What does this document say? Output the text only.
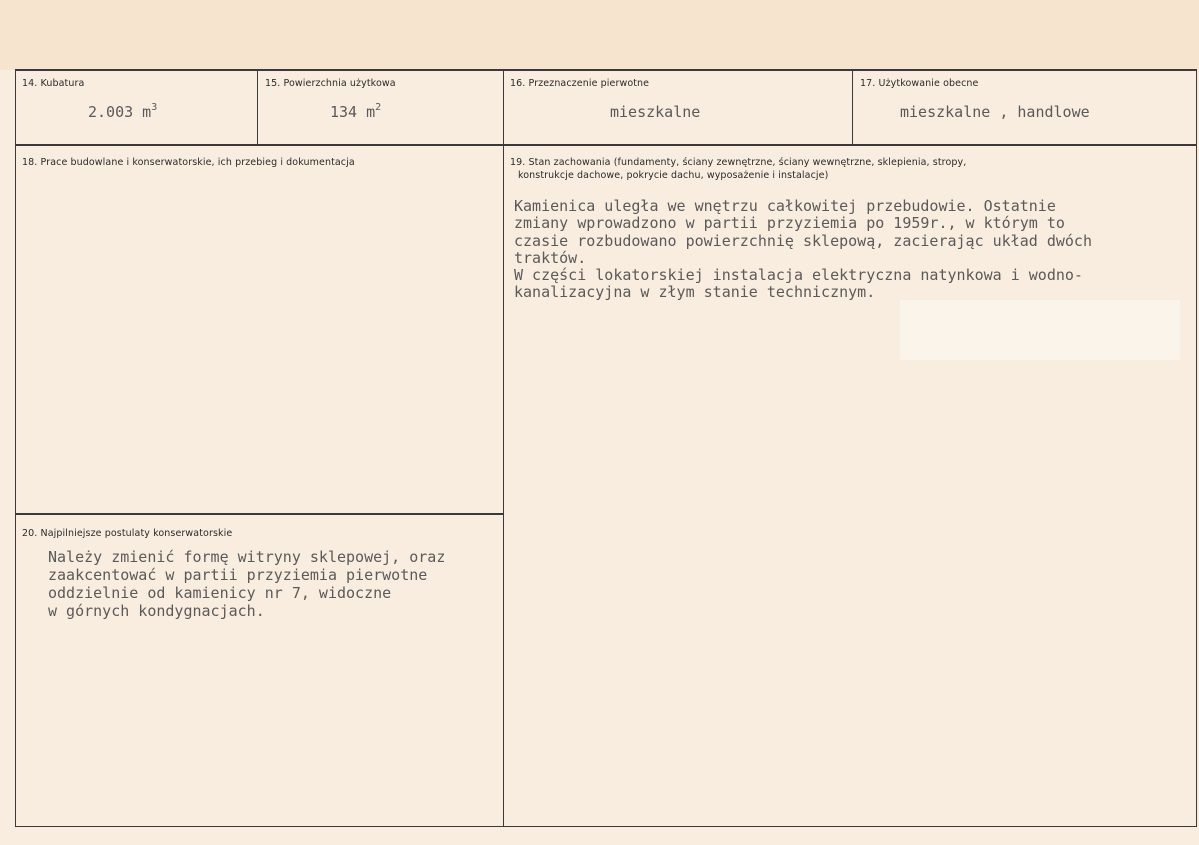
14. Kubatura
2.003 $m^3$
15. Powierzchnia użytkowa
134 $m^2$
16. Przeznaczenie pierwotne
mieszkalne
17. Użytkowanie obecne
mieszkalne , handlowe
18. Prace budowlane i konserwatorskie, ich przebieg i dokumentacja	19. Stan zachowania (fundamenty, ściany zewnętrzne, ściany wewnętrzne, sklepienia, stropy,
konstrukcje dachowe, pokrycie dachu, wyposażenie i instalacje)
Kamienica uległa we wnętrzu całkowitej przebudowie. Ostatnie
zmiany wprowadzono w partii przyziemia po 1959r., w którym to
czasie rozbudowano powierzchnię sklepową, zacierając układ dwóch
traktów.
W części lokatorskiej instalacja elektryczna natynkowa i wodno-
kanalizacyjna w złym stanie technicznym.
20. Najpilniejsze postulaty konserwatorskie
Należy zmienić formę witryny sklepowej, oraz
zaakcentować w partii przyziemia pierwotne
oddzielnie od kamienicy nr 7, widoczne
w górnych kondygnacjach.
